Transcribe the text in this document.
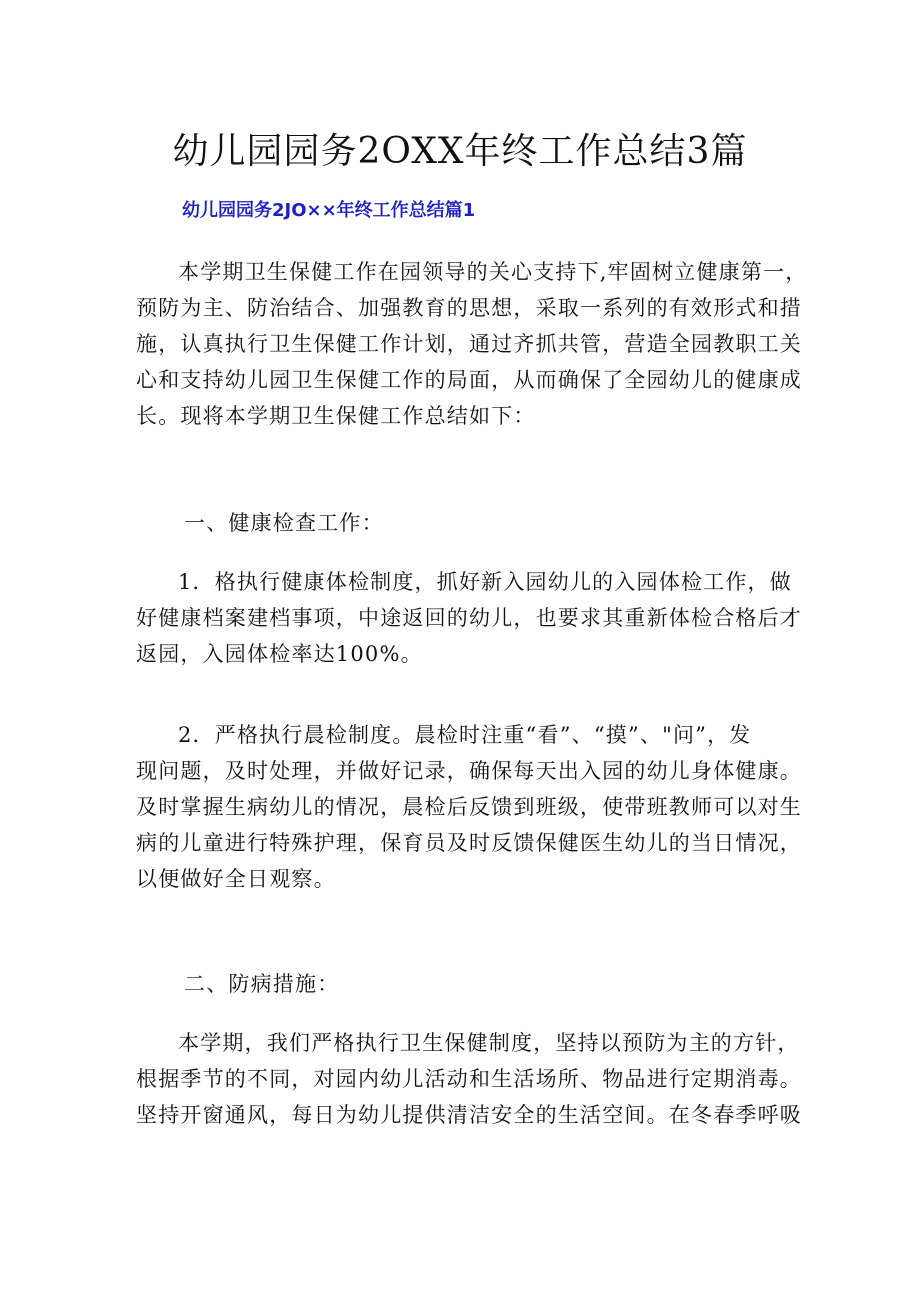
幼儿园园务2OXX年终工作总结3篇
幼儿园园务2JO××年终工作总结篇1

本学期卫生保健工作在园领导的关心支持下,牢固树立健康第一，
预防为主、防治结合、加强教育的思想，采取一系列的有效形式和措
施，认真执行卫生保健工作计划，通过齐抓共管，营造全园教职工关
心和支持幼儿园卫生保健工作的局面，从而确保了全园幼儿的健康成
长。现将本学期卫生保健工作总结如下：

一、健康检查工作：

1．格执行健康体检制度，抓好新入园幼儿的入园体检工作，做
好健康档案建档事项，中途返回的幼儿，也要求其重新体检合格后才
返园，入园体检率达100%。

2．严格执行晨检制度。晨检时注重“看”、“摸”、"问”，发
现问题，及时处理，并做好记录，确保每天出入园的幼儿身体健康。
及时掌握生病幼儿的情况，晨检后反馈到班级，使带班教师可以对生
病的儿童进行特殊护理，保育员及时反馈保健医生幼儿的当日情况，
以便做好全日观察。

二、防病措施：

本学期，我们严格执行卫生保健制度，坚持以预防为主的方针，
根据季节的不同，对园内幼儿活动和生活场所、物品进行定期消毒。
坚持开窗通风，每日为幼儿提供清洁安全的生活空间。在冬春季呼吸
